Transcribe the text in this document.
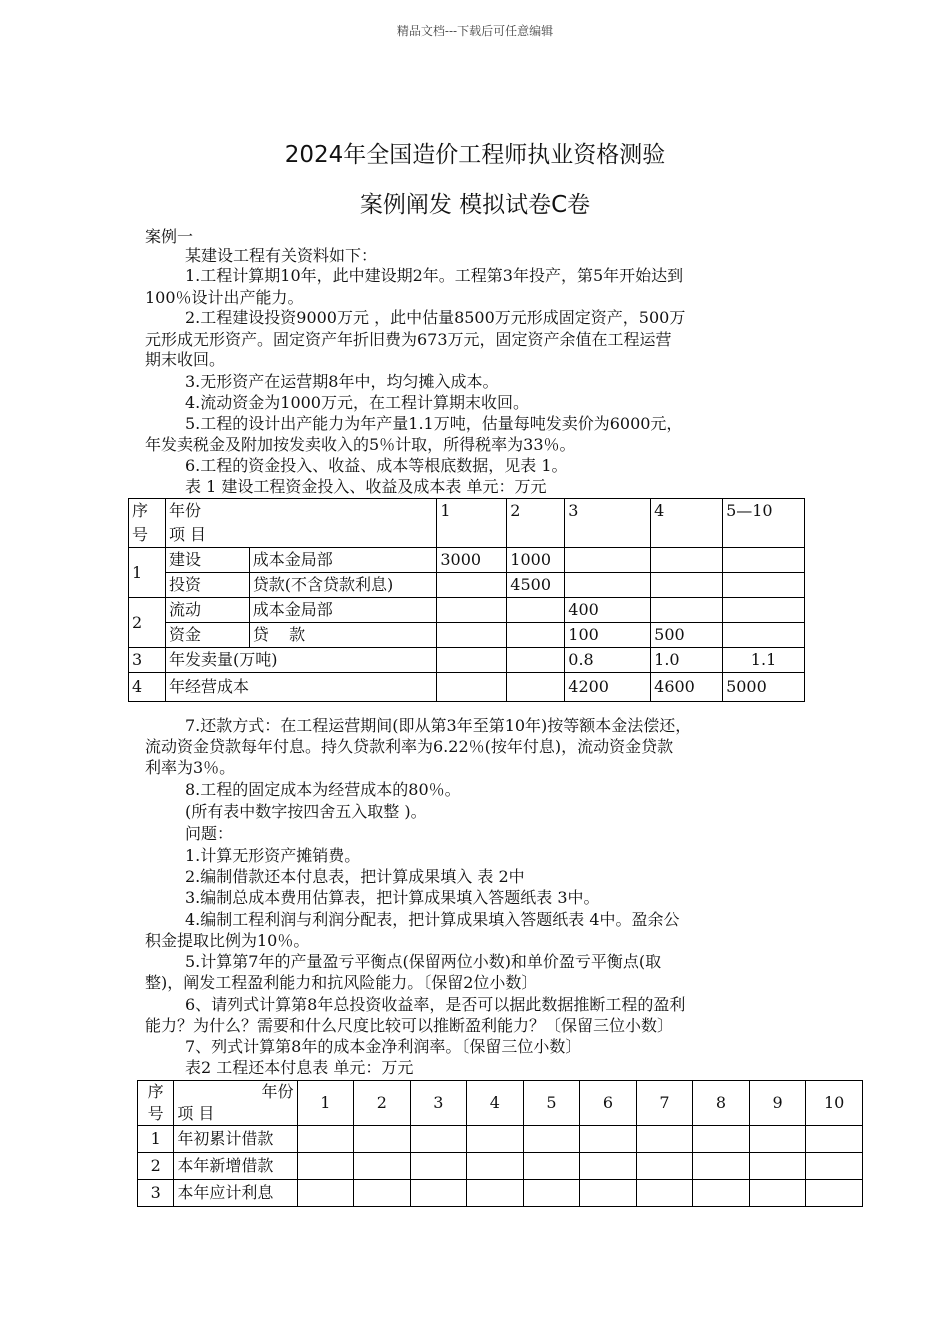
精品文档---下载后可任意编辑
2024年全国造价工程师执业资格测验
案例阐发 模拟试卷C卷
案例一
某建设工程有关资料如下：
1.工程计算期10年，此中建设期2年。工程第3年投产，第5年开始达到
100％设计出产能力。
2.工程建设投资9000万元 ，此中估量8500万元形成固定资产，500万
元形成无形资产。固定资产年折旧费为673万元，固定资产余值在工程运营
期末收回。
3.无形资产在运营期8年中，均匀摊入成本。
4.流动资金为1000万元，在工程计算期末收回。
5.工程的设计出产能力为年产量1.1万吨，估量每吨发卖价为6000元，
年发卖税金及附加按发卖收入的5％计取，所得税率为33％。
6.工程的资金投入、收益、成本等根底数据，见表 1。
表 1 建设工程资金投入、收益及成本表 单元：万元
序号	年份
项 目		1	2	3	4	5—10
1	建设	成本金局部	3000	1000			
	投资	贷款(不含贷款利息)		4500			
2	流动	成本金局部			400		
	资金	贷    款			100	500	
3	年发卖量(万吨)				0.8	1.0	1.1
4	年经营成本				4200	4600	5000
7.还款方式：在工程运营期间(即从第3年至第10年)按等额本金法偿还，
流动资金贷款每年付息。持久贷款利率为6.22％(按年付息)，流动资金贷款
利率为3％。
8.工程的固定成本为经营成本的80％。
(所有表中数字按四舍五入取整 )。
问题：
1.计算无形资产摊销费。
2.编制借款还本付息表，把计算成果填入 表 2中
3.编制总成本费用估算表，把计算成果填入答题纸表 3中。
4.编制工程利润与利润分配表，把计算成果填入答题纸表 4中。盈余公
积金提取比例为10％。
5.计算第7年的产量盈亏平衡点(保留两位小数)和单价盈亏平衡点(取
整)，阐发工程盈利能力和抗风险能力。〔保留2位小数〕
6、请列式计算第8年总投资收益率，是否可以据此数据推断工程的盈利
能力？为什么？需要和什么尺度比较可以推断盈利能力？〔保留三位小数〕
7、列式计算第8年的成本金净利润率。〔保留三位小数〕
表2 工程还本付息表 单元：万元
序号	年份
项 目	1	2	3	4	5	6	7	8	9	10
1	年初累计借款										
2	本年新增借款										
3	本年应计利息										
